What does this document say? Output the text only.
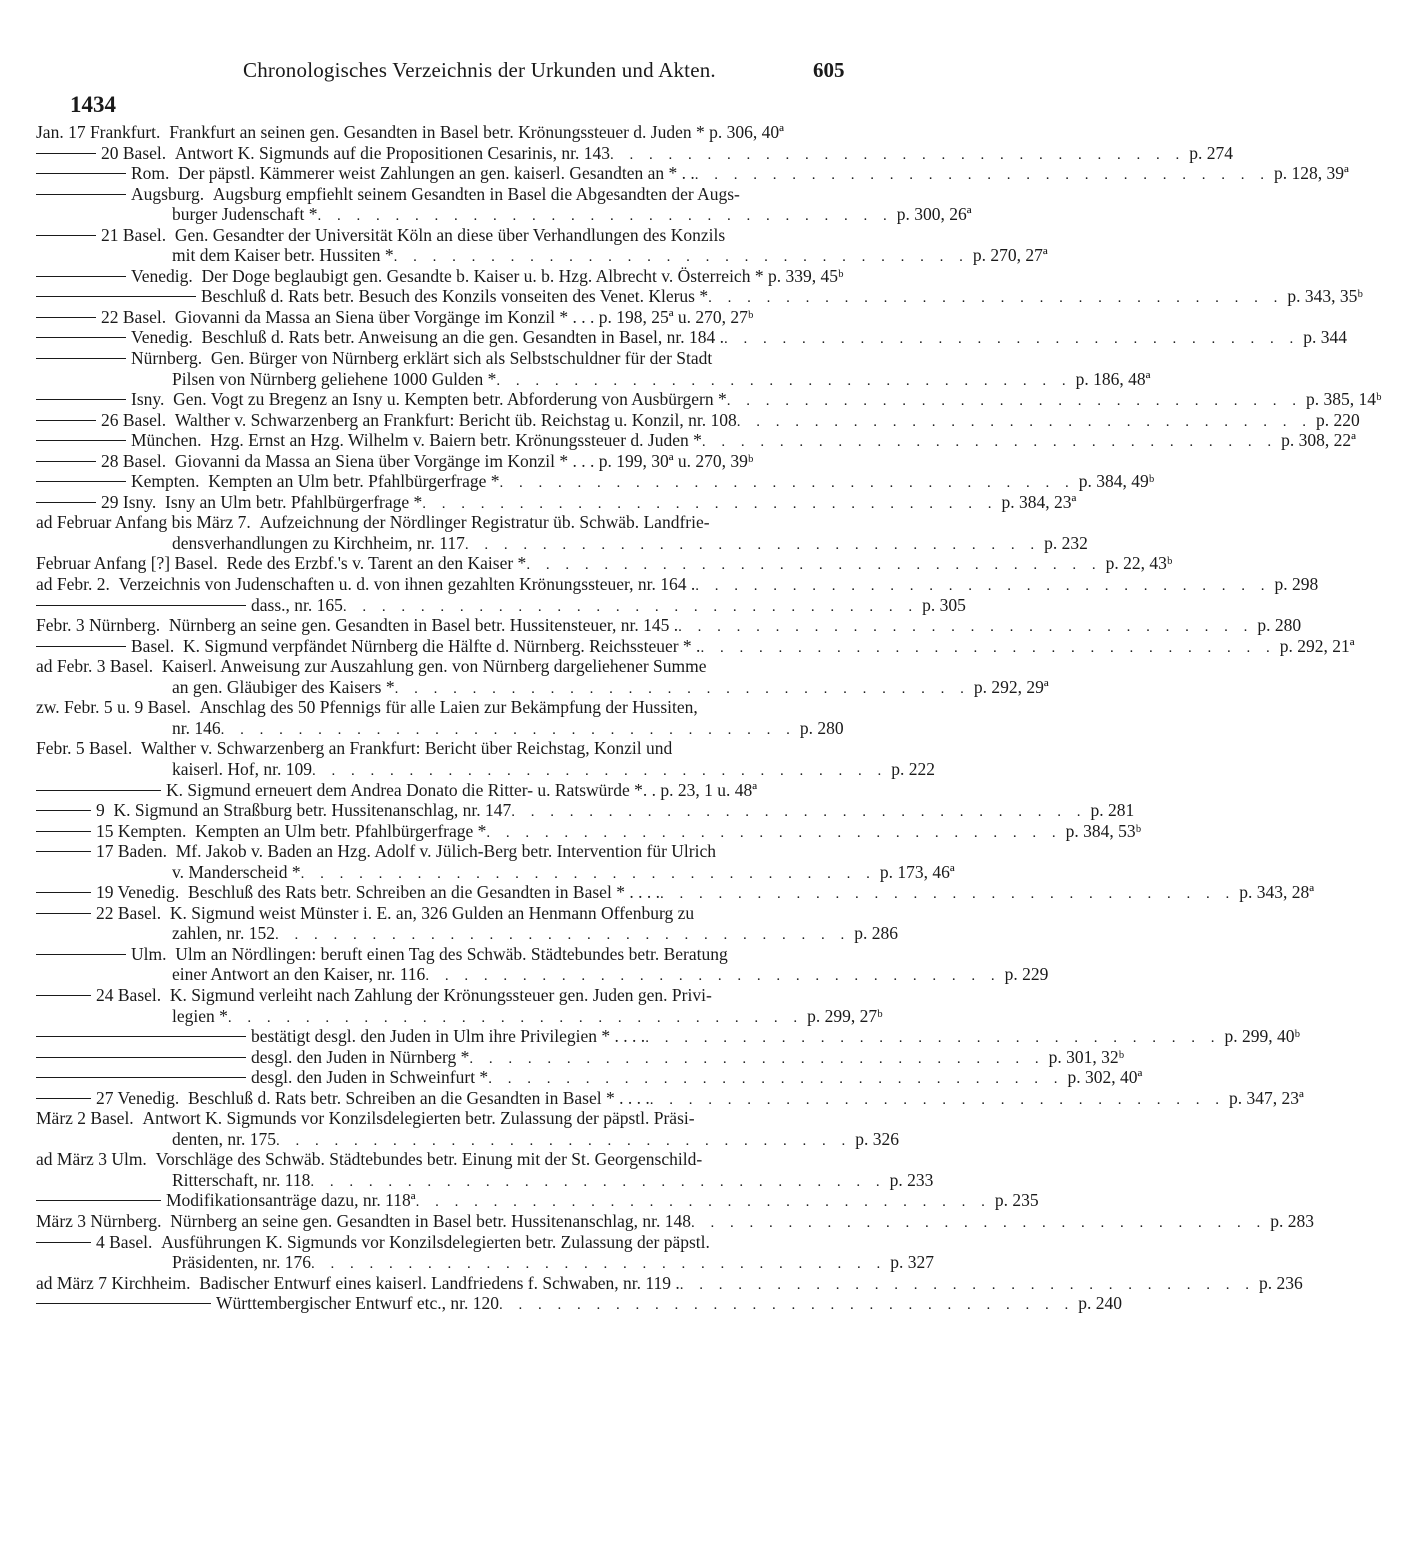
Chronologisches Verzeichnis der Urkunden und Akten.	605
1434
Jan. 17 Frankfurt.
Frankfurt an seinen gen. Gesandten in Basel betr. Krönungssteuer d. Juden * p. 306, 40ª
20 Basel.
Antwort K. Sigmunds auf die Propositionen Cesarinis, nr. 143 . . . . . . . . . . . . . . . . . . . . . . . . . . . . . . p. 274
Rom.
Der päpstl. Kämmerer weist Zahlungen an gen. kaiserl. Gesandten an * . . . . . . . . . . . . . . . . . . . . . . . . . . . . . . . . p. 128, 39ª
Augsburg.
Augsburg empfiehlt seinem Gesandten in Basel die Abgesandten der Augs-
burger Judenschaft * . . . . . . . . . . . . . . . . . . . . . . . . . . . . . . p. 300, 26ª
21 Basel.
Gen. Gesandter der Universität Köln an diese über Verhandlungen des Konzils
mit dem Kaiser betr. Hussiten * . . . . . . . . . . . . . . . . . . . . . . . . . . . . . . p. 270, 27ª
Venedig.
Der Doge beglaubigt gen. Gesandte b. Kaiser u. b. Hzg. Albrecht v. Österreich * p. 339, 45ᵇ
Beschluß d. Rats betr. Besuch des Konzils vonseiten des Venet. Klerus * . . . . . . . . . . . . . . . . . . . . . . . . . . . . . . p. 343, 35ᵇ
22 Basel.
Giovanni da Massa an Siena über Vorgänge im Konzil * . . . p. 198, 25ª u. 270, 27ᵇ
Venedig.
Beschluß d. Rats betr. Anweisung an die gen. Gesandten in Basel, nr. 184 . . . . . . . . . . . . . . . . . . . . . . . . . . . . . . . p. 344
Nürnberg.
Gen. Bürger von Nürnberg erklärt sich als Selbstschuldner für der Stadt
Pilsen von Nürnberg geliehene 1000 Gulden * . . . . . . . . . . . . . . . . . . . . . . . . . . . . . . p. 186, 48ª
Isny.
Gen. Vogt zu Bregenz an Isny u. Kempten betr. Abforderung von Ausbürgern * . . . . . . . . . . . . . . . . . . . . . . . . . . . . . . p. 385, 14ᵇ
26 Basel.
Walther v. Schwarzenberg an Frankfurt: Bericht üb. Reichstag u. Konzil, nr. 108 . . . . . . . . . . . . . . . . . . . . . . . . . . . . . . p. 220
München.
Hzg. Ernst an Hzg. Wilhelm v. Baiern betr. Krönungssteuer d. Juden * . . . . . . . . . . . . . . . . . . . . . . . . . . . . . . p. 308, 22ª
28 Basel.
Giovanni da Massa an Siena über Vorgänge im Konzil * . . . p. 199, 30ª u. 270, 39ᵇ
Kempten.
Kempten an Ulm betr. Pfahlbürgerfrage * . . . . . . . . . . . . . . . . . . . . . . . . . . . . . . p. 384, 49ᵇ
29 Isny.
Isny an Ulm betr. Pfahlbürgerfrage * . . . . . . . . . . . . . . . . . . . . . . . . . . . . . . p. 384, 23ª
ad Februar Anfang bis März 7.
Aufzeichnung der Nördlinger Registratur üb. Schwäb. Landfrie-
densverhandlungen zu Kirchheim, nr. 117 . . . . . . . . . . . . . . . . . . . . . . . . . . . . . . p. 232
Februar Anfang [?] Basel.
Rede des Erzbf.'s v. Tarent an den Kaiser * . . . . . . . . . . . . . . . . . . . . . . . . . . . . . . p. 22, 43ᵇ
ad Febr. 2.
Verzeichnis von Judenschaften u. d. von ihnen gezahlten Krönungssteuer, nr. 164 . . . . . . . . . . . . . . . . . . . . . . . . . . . . . . . p. 298
dass., nr. 165 . . . . . . . . . . . . . . . . . . . . . . . . . . . . . . p. 305
Febr. 3 Nürnberg.
Nürnberg an seine gen. Gesandten in Basel betr. Hussitensteuer, nr. 145 . . . . . . . . . . . . . . . . . . . . . . . . . . . . . . . p. 280
Basel.
K. Sigmund verpfändet Nürnberg die Hälfte d. Nürnberg. Reichssteuer * . . . . . . . . . . . . . . . . . . . . . . . . . . . . . . . p. 292, 21ª
ad Febr. 3 Basel.
Kaiserl. Anweisung zur Auszahlung gen. von Nürnberg dargeliehener Summe
an gen. Gläubiger des Kaisers * . . . . . . . . . . . . . . . . . . . . . . . . . . . . . . p. 292, 29ª
zw. Febr. 5 u. 9 Basel.
Anschlag des 50 Pfennigs für alle Laien zur Bekämpfung der Hussiten,
nr. 146 . . . . . . . . . . . . . . . . . . . . . . . . . . . . . . p. 280
Febr. 5 Basel.
Walther v. Schwarzenberg an Frankfurt: Bericht über Reichstag, Konzil und
kaiserl. Hof, nr. 109 . . . . . . . . . . . . . . . . . . . . . . . . . . . . . . p. 222
K. Sigmund erneuert dem Andrea Donato die Ritter- u. Ratswürde *. . p. 23, 1 u. 48ª
9
K. Sigmund an Straßburg betr. Hussitenanschlag, nr. 147 . . . . . . . . . . . . . . . . . . . . . . . . . . . . . . p. 281
15 Kempten.
Kempten an Ulm betr. Pfahlbürgerfrage * . . . . . . . . . . . . . . . . . . . . . . . . . . . . . . p. 384, 53ᵇ
17 Baden.
Mf. Jakob v. Baden an Hzg. Adolf v. Jülich-Berg betr. Intervention für Ulrich
v. Manderscheid * . . . . . . . . . . . . . . . . . . . . . . . . . . . . . . p. 173, 46ª
19 Venedig.
Beschluß des Rats betr. Schreiben an die Gesandten in Basel * . . . . . . . . . . . . . . . . . . . . . . . . . . . . . . . . . . p. 343, 28ª
22 Basel.
K. Sigmund weist Münster i. E. an, 326 Gulden an Henmann Offenburg zu
zahlen, nr. 152 . . . . . . . . . . . . . . . . . . . . . . . . . . . . . . p. 286
Ulm.
Ulm an Nördlingen: beruft einen Tag des Schwäb. Städtebundes betr. Beratung
einer Antwort an den Kaiser, nr. 116 . . . . . . . . . . . . . . . . . . . . . . . . . . . . . . p. 229
24 Basel.
K. Sigmund verleiht nach Zahlung der Krönungssteuer gen. Juden gen. Privi-
legien * . . . . . . . . . . . . . . . . . . . . . . . . . . . . . . p. 299, 27ᵇ
bestätigt desgl. den Juden in Ulm ihre Privilegien * . . . . . . . . . . . . . . . . . . . . . . . . . . . . . . . . . . p. 299, 40ᵇ
desgl. den Juden in Nürnberg * . . . . . . . . . . . . . . . . . . . . . . . . . . . . . . p. 301, 32ᵇ
desgl. den Juden in Schweinfurt * . . . . . . . . . . . . . . . . . . . . . . . . . . . . . . p. 302, 40ª
27 Venedig.
Beschluß d. Rats betr. Schreiben an die Gesandten in Basel * . . . . . . . . . . . . . . . . . . . . . . . . . . . . . . . . . . p. 347, 23ª
März 2 Basel.
Antwort K. Sigmunds vor Konzilsdelegierten betr. Zulassung der päpstl. Präsi-
denten, nr. 175 . . . . . . . . . . . . . . . . . . . . . . . . . . . . . . p. 326
ad März 3 Ulm.
Vorschläge des Schwäb. Städtebundes betr. Einung mit der St. Georgenschild-
Ritterschaft, nr. 118 . . . . . . . . . . . . . . . . . . . . . . . . . . . . . . p. 233
Modifikationsanträge dazu, nr. 118ª . . . . . . . . . . . . . . . . . . . . . . . . . . . . . . p. 235
März 3 Nürnberg.
Nürnberg an seine gen. Gesandten in Basel betr. Hussitenanschlag, nr. 148 . . . . . . . . . . . . . . . . . . . . . . . . . . . . . . p. 283
4 Basel.
Ausführungen K. Sigmunds vor Konzilsdelegierten betr. Zulassung der päpstl.
Präsidenten, nr. 176 . . . . . . . . . . . . . . . . . . . . . . . . . . . . . . p. 327
ad März 7 Kirchheim.
Badischer Entwurf eines kaiserl. Landfriedens f. Schwaben, nr. 119 . . . . . . . . . . . . . . . . . . . . . . . . . . . . . . . p. 236
Württembergischer Entwurf etc., nr. 120 . . . . . . . . . . . . . . . . . . . . . . . . . . . . . . p. 240
